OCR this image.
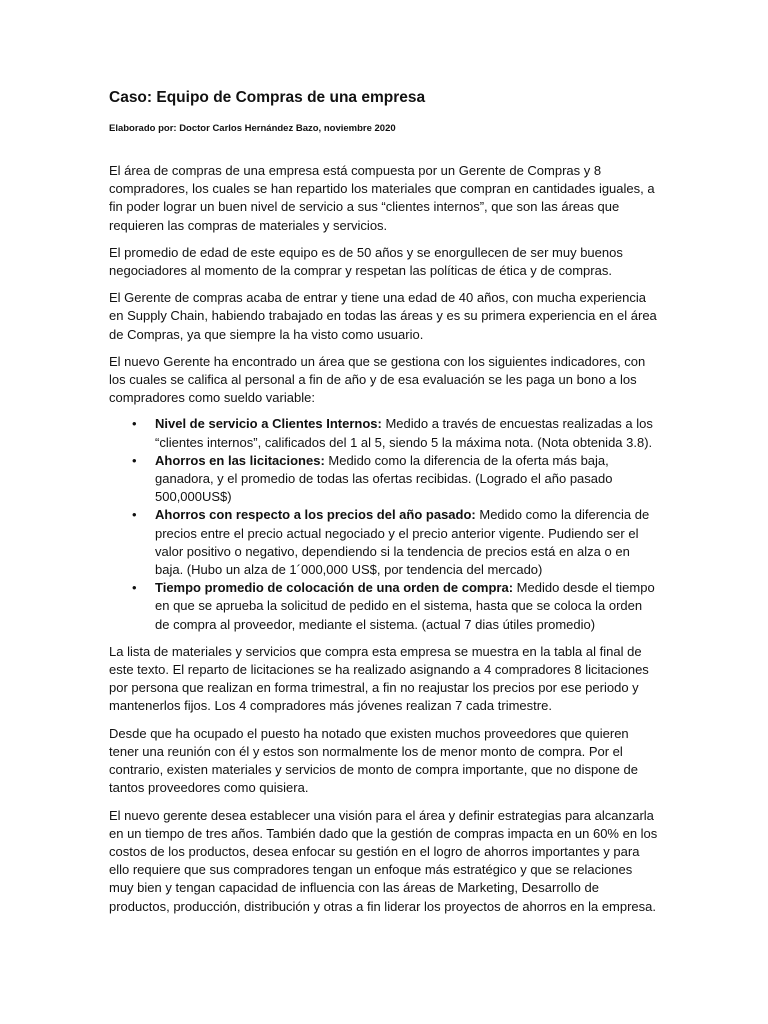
Caso: Equipo de Compras de una empresa

Elaborado por: Doctor Carlos Hernández Bazo, noviembre 2020

El área de compras de una empresa está compuesta por un Gerente de Compras y 8 compradores, los cuales se han repartido los materiales que compran en cantidades iguales, a fin poder lograr un buen nivel de servicio a sus “clientes internos”, que son las áreas que requieren las compras de materiales y servicios.

El promedio de edad de este equipo es de 50 años y se enorgullecen de ser muy buenos negociadores al momento de la comprar y respetan las políticas de ética y de compras.

El Gerente de compras acaba de entrar y tiene una edad de 40 años, con mucha experiencia en Supply Chain, habiendo trabajado en todas las áreas y es su primera experiencia en el área de Compras, ya que siempre la ha visto como usuario.

El nuevo Gerente ha encontrado un área que se gestiona con los siguientes indicadores, con los cuales se califica al personal a fin de año y de esa evaluación se les paga un bono a los compradores como sueldo variable:

• Nivel de servicio a Clientes Internos: Medido a través de encuestas realizadas a los “clientes internos”, calificados del 1 al 5, siendo 5 la máxima nota. (Nota obtenida 3.8).
• Ahorros en las licitaciones: Medido como la diferencia de la oferta más baja, ganadora, y el promedio de todas las ofertas recibidas. (Logrado el año pasado 500,000US$)
• Ahorros con respecto a los precios del año pasado: Medido como la diferencia de precios entre el precio actual negociado y el precio anterior vigente. Pudiendo ser el valor positivo o negativo, dependiendo si la tendencia de precios está en alza o en baja. (Hubo un alza de 1´000,000 US$, por tendencia del mercado)
• Tiempo promedio de colocación de una orden de compra: Medido desde el tiempo en que se aprueba la solicitud de pedido en el sistema, hasta que se coloca la orden de compra al proveedor, mediante el sistema. (actual 7 dias útiles promedio)

La lista de materiales y servicios que compra esta empresa se muestra en la tabla al final de este texto. El reparto de licitaciones se ha realizado asignando a 4 compradores 8 licitaciones por persona que realizan en forma trimestral, a fin no reajustar los precios por ese periodo y mantenerlos fijos. Los 4 compradores más jóvenes realizan 7 cada trimestre.

Desde que ha ocupado el puesto ha notado que existen muchos proveedores que quieren tener una reunión con él y estos son normalmente los de menor monto de compra. Por el contrario, existen materiales y servicios de monto de compra importante, que no dispone de tantos proveedores como quisiera.

El nuevo gerente desea establecer una visión para el área y definir estrategias para alcanzarla en un tiempo de tres años. También dado que la gestión de compras impacta en un 60% en los costos de los productos, desea enfocar su gestión en el logro de ahorros importantes y para ello requiere que sus compradores tengan un enfoque más estratégico y que se relaciones muy bien y tengan capacidad de influencia con las áreas de Marketing, Desarrollo de productos, producción, distribución y otras a fin liderar los proyectos de ahorros en la empresa.
